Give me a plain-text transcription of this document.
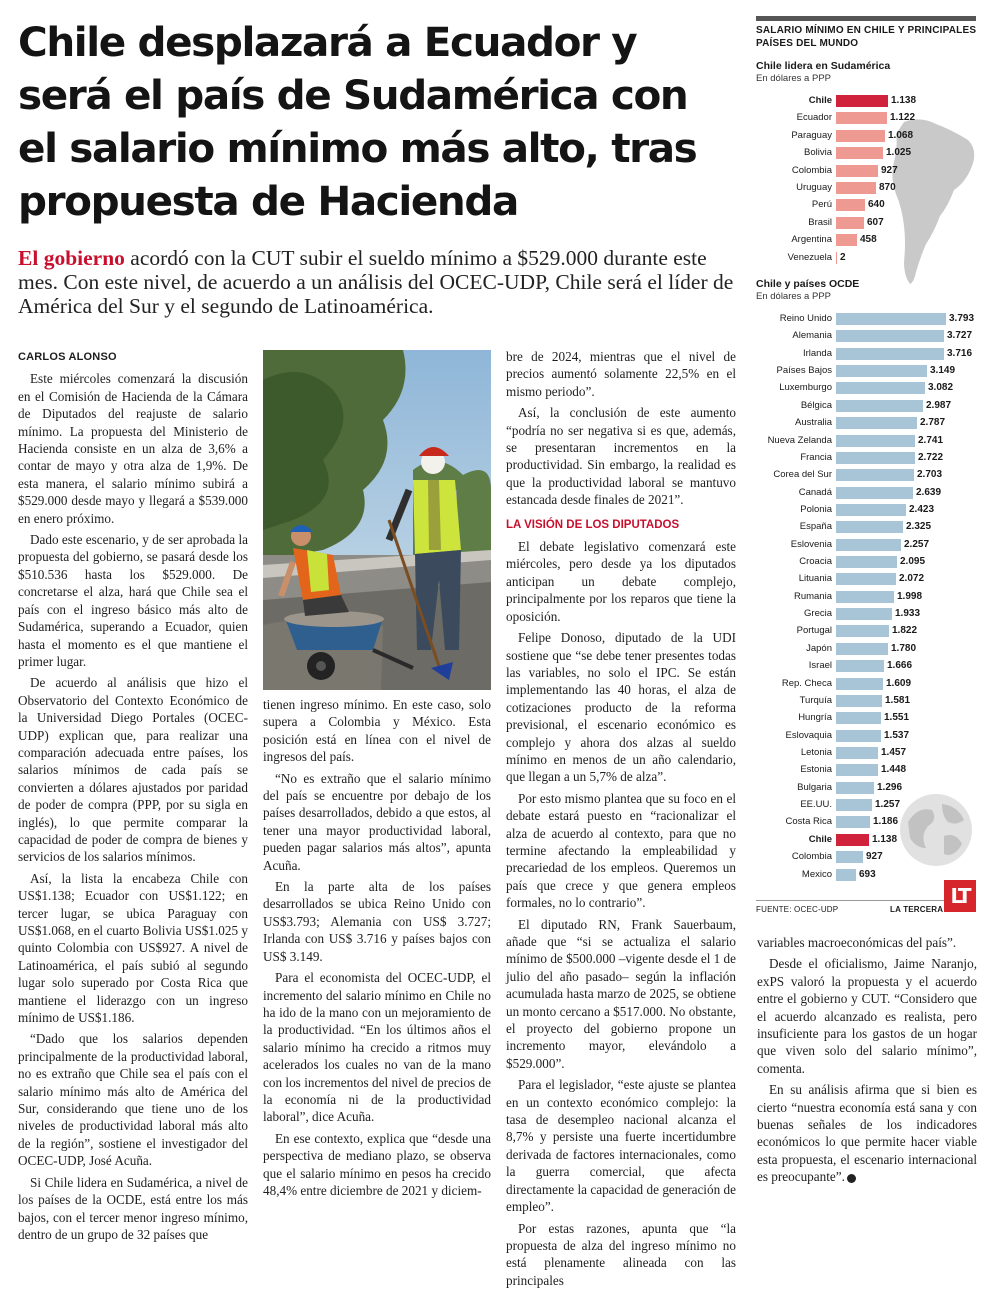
Chile desplazará a Ecuador y será el país de Sudamérica con el salario mínimo más alto, tras propuesta de Hacienda

El gobierno acordó con la CUT subir el sueldo mínimo a $529.000 durante este mes. Con este nivel, de acuerdo a un análisis del OCEC-UDP, Chile será el líder de América del Sur y el segundo de Latinoamérica.

CARLOS ALONSO

Este miércoles comenzará la discusión en el Comisión de Hacienda de la Cámara de Diputados del reajuste de salario mínimo. La propuesta del Ministerio de Hacienda consiste en un alza de 3,6% a contar de mayo y otra alza de 1,9%. De esta manera, el salario mínimo subirá a $529.000 desde mayo y llegará a $539.000 en enero próximo.

Dado este escenario, y de ser aprobada la propuesta del gobierno, se pasará desde los $510.536 hasta los $529.000. De concretarse el alza, hará que Chile sea el país con el ingreso básico más alto de Sudamérica, superando a Ecuador, quien hasta el momento es el que mantiene el primer lugar.

De acuerdo al análisis que hizo el Observatorio del Contexto Económico de la Universidad Diego Portales (OCEC-UDP) explican que, para realizar una comparación adecuada entre países, los salarios mínimos de cada país se convierten a dólares ajustados por paridad de poder de compra (PPP, por su sigla en inglés), lo que permite comparar la capacidad de poder de compra de bienes y servicios de los salarios mínimos.

Así, la lista la encabeza Chile con US$1.138; Ecuador con US$1.122; en tercer lugar, se ubica Paraguay con US$1.068, en el cuarto Bolivia US$1.025 y quinto Colombia con US$927. A nivel de Latinoamérica, el país subió al segundo lugar solo superado por Costa Rica que mantiene el liderazgo con un ingreso mínimo de US$1.186.

“Dado que los salarios dependen principalmente de la productividad laboral, no es extraño que Chile sea el país con el salario mínimo más alto de América del Sur, considerando que tiene uno de los niveles de productividad laboral más alto de la región”, sostiene el investigador del OCEC-UDP, José Acuña.

Si Chile lidera en Sudamérica, a nivel de los países de la OCDE, está entre los más bajos, con el tercer menor ingreso mínimo, dentro de un grupo de 32 países que

tienen ingreso mínimo. En este caso, solo supera a Colombia y México. Esta posición está en línea con el nivel de ingresos del país.

“No es extraño que el salario mínimo del país se encuentre por debajo de los países desarrollados, debido a que estos, al tener una mayor productividad laboral, pueden pagar salarios más altos”, apunta Acuña.

En la parte alta de los países desarrollados se ubica Reino Unido con US$3.793; Alemania con US$ 3.727; Irlanda con US$ 3.716 y países bajos con US$ 3.149.

Para el economista del OCEC-UDP, el incremento del salario mínimo en Chile no ha ido de la mano con un mejoramiento de la productividad. “En los últimos años el salario mínimo ha crecido a ritmos muy acelerados los cuales no van de la mano con los incrementos del nivel de precios de la economía ni de la productividad laboral”, dice Acuña.

En ese contexto, explica que “desde una perspectiva de mediano plazo, se observa que el salario mínimo en pesos ha crecido 48,4% entre diciembre de 2021 y diciem-

bre de 2024, mientras que el nivel de precios aumentó solamente 22,5% en el mismo periodo”.

Así, la conclusión de este aumento “podría no ser negativa si es que, además, se presentaran incrementos en la productividad. Sin embargo, la realidad es que la productividad laboral se mantuvo estancada desde finales de 2021”.

LA VISIÓN DE LOS DIPUTADOS

El debate legislativo comenzará este miércoles, pero desde ya los diputados anticipan un debate complejo, principalmente por los reparos que tiene la oposición.

Felipe Donoso, diputado de la UDI sostiene que “se debe tener presentes todas las variables, no solo el IPC. Se están implementando las 40 horas, el alza de cotizaciones producto de la reforma previsional, el escenario económico es complejo y ahora dos alzas al sueldo mínimo en menos de un año calendario, que llegan a un 5,7% de alza”.

Por esto mismo plantea que su foco en el debate estará puesto en “racionalizar el alza de acuerdo al contexto, para que no termine afectando la empleabilidad y precariedad de los empleos. Queremos un país que crece y que genera empleos formales, no lo contrario”.

El diputado RN, Frank Sauerbaum, añade que “si se actualiza el salario mínimo de $500.000 –vigente desde el 1 de julio del año pasado– según la inflación acumulada hasta marzo de 2025, se obtiene un monto cercano a $517.000. No obstante, el proyecto del gobierno propone un incremento mayor, elevándolo a $529.000”.

Para el legislador, “este ajuste se plantea en un contexto económico complejo: la tasa de desempleo nacional alcanza el 8,7% y persiste una fuerte incertidumbre derivada de factores internacionales, como la guerra comercial, que afecta directamente la capacidad de generación de empleo”.

Por estas razones, apunta que “la propuesta de alza del ingreso mínimo no está plenamente alineada con las principales

variables macroeconómicas del país”.

Desde el oficialismo, Jaime Naranjo, exPS valoró la propuesta y el acuerdo entre el gobierno y CUT. “Considero que el acuerdo alcanzado es realista, pero insuficiente para los gastos de un hogar que viven solo del salario mínimo”, comenta.

En su análisis afirma que si bien es cierto “nuestra economía está sana y con buenas señales de los indicadores económicos lo que permite hacer viable esta propuesta, el escenario internacional es preocupante”.

SALARIO MÍNIMO EN CHILE Y PRINCIPALES PAÍSES DEL MUNDO
Chile lidera en Sudamérica
En dólares a PPP
Chile	1.138
Ecuador	1.122
Paraguay	1.068
Bolivia	1.025
Colombia	927
Uruguay	870
Perú	640
Brasil	607
Argentina	458
Venezuela 2
Chile y países OCDE
En dólares a PPP
Reino Unido	3.793
Alemania	3.727
Irlanda	3.716
Países Bajos	3.149
Luxemburgo	3.082
Bélgica	2.987
Australia	2.787
Nueva Zelanda	2.741
Francia	2.722
Corea del Sur	2.703
Canadá	2.639
Polonia	2.423
España	2.325
Eslovenia	2.257
Croacia	2.095
Lituania	2.072
Rumania	1.998
Grecia	1.933
Portugal	1.822
Japón	1.780
Israel	1.666
Rep. Checa	1.609
Turquía	1.581
Hungría	1.551
Eslovaquia	1.537
Letonia	1.457
Estonia	1.448
Bulgaria	1.296
EE.UU.	1.257
Costa Rica	1.186
Chile	1.138
Colombia	927
Mexico	693
FUENTE: OCEC-UDP	LA TERCERA
LT
